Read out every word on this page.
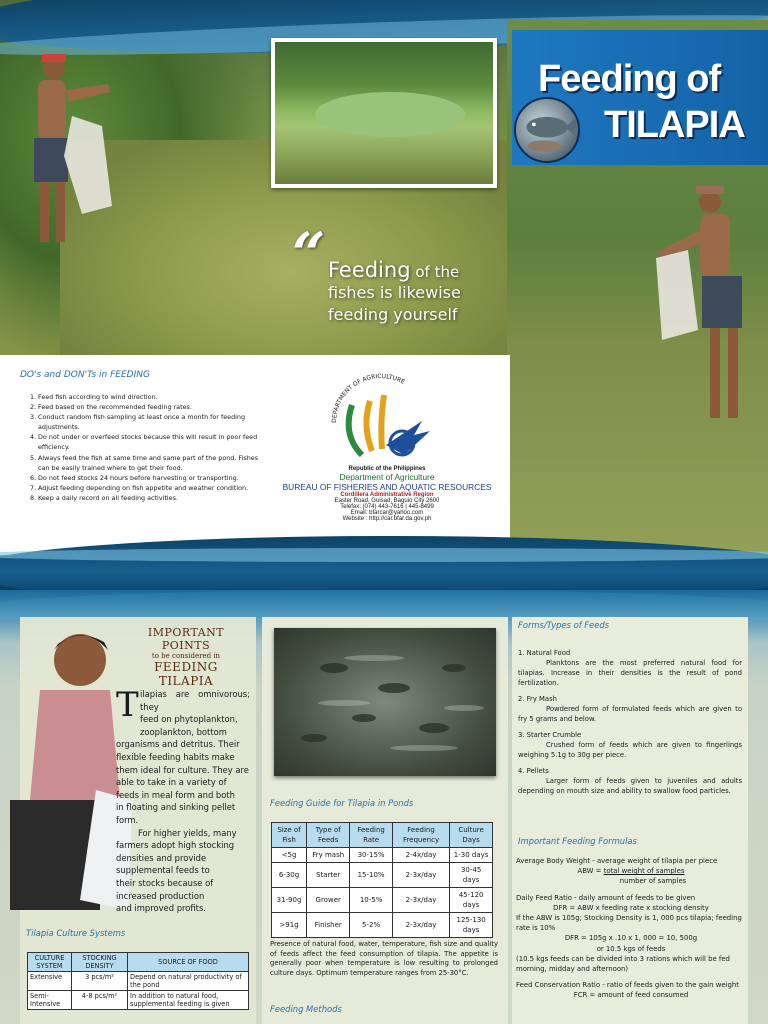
Feeding of
TILAPIA
“ Feeding of the
fishes is likewise
feeding yourself
DO's and DON'Ts in FEEDING
1. Feed fish according to wind direction.
2. Feed based on the recommended feeding rates.
3. Conduct random fish sampling at least once a month for feeding adjustments.
4. Do not under or overfeed stocks because this will result in poor feed efficiency.
5. Always feed the fish at same time and same part of the pond. Fishes can be easily trained where to get their food.
6. Do not feed stocks 24 hours before harvesting or transporting.
7. Adjust feeding depending on fish appetite and weather condition.
8. Keep a daily record on all feeding activities.
DEPARTMENT OF AGRICULTURE
Republic of the Philippines
Department of Agriculture
BUREAU OF FISHERIES AND AQUATIC RESOURCES
Cordillera Administrative Region
Easter Road, Guisad, Baguio City 2600
Telefax: (074) 443-7616 | 445-8499
Email: bfarcar@yahoo.com
Website : http://car.bfar.da.gov.ph
IMPORTANT POINTS
to be considered in
FEEDING TILAPIA
T ilapias are omnivorous; they
feed on phytoplankton,
zooplankton, bottom
organisms and detritus. Their
flexible feeding habits make
them ideal for culture. They are
able to take in a variety of
feeds in meal form and both
in floating and sinking pellet
form.
For higher yields, many
farmers adopt high stocking
densities and provide
supplemental feeds to
their stocks because of
increased production
and improved profits.
Tilapia Culture Systems
CULTURE SYSTEM	STOCKING DENSITY	SOURCE OF FOOD
Extensive	3 pcs/m²	Depend on natural productivity of the pond
Semi-Intensive	4-8 pcs/m²	In addition to natural food, supplemental feeding is given
Feeding Guide for Tilapia in Ponds
Size of Fish	Type of Feeds	Feeding Rate	Feeding Frequency	Culture Days
<5g	Fry mash	30-15%	2-4x/day	1-30 days
6-30g	Starter	15-10%	2-3x/day	30-45 days
31-90g	Grower	10-5%	2-3x/day	45-120 days
>91g	Finisher	5-2%	2-3x/day	125-130 days
Presence of natural food, water, temperature, fish size and quality of feeds affect the feed consumption of tilapia. The appetite is generally poor when temperature is low resulting to prolonged culture days. Optimum temperature ranges from 25-30°C.
Feeding Methods
Forms/Types of Feeds
1. Natural Food
Planktons are the most preferred natural food for tilapias. Increase in their densities is the result of pond fertilization.
2. Fry Mash
Powdered form of formulated feeds which are given to fry 5 grams and below.
3. Starter Crumble
Crushed form of feeds which are given to fingerlings weighing 5.1g to 30g per piece.
4. Pellets
Larger form of feeds given to juveniles and adults depending on mouth size and ability to swallow food particles.
Important Feeding Formulas
Average Body Weight - average weight of tilapia per piece
ABW = total weight of samples
number of samples
Daily Feed Ratio - daily amount of feeds to be given
DFR = ABW x feeding rate x stocking density
If the ABW is 105g; Stocking Density is 1, 000 pcs tilapia; feeding rate is 10%
DFR = 105g x .10 x 1, 000 = 10, 500g
or 10.5 kgs of feeds
(10.5 kgs feeds can be divided into 3 rations which will be fed morning, midday and afternoon)
Feed Conservation Ratio - ratio of feeds given to the gain weight
FCR = amount of feed consumed
